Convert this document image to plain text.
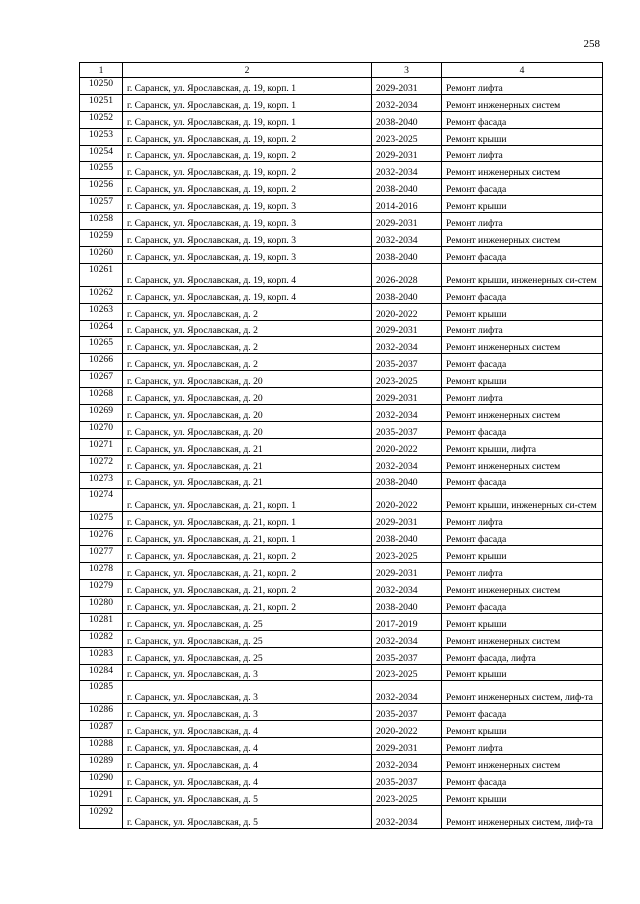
258
1	2	3	4
10250	г. Саранск, ул. Ярославская, д. 19, корп. 1	2029-2031	Ремонт лифта
10251	г. Саранск, ул. Ярославская, д. 19, корп. 1	2032-2034	Ремонт инженерных систем
10252	г. Саранск, ул. Ярославская, д. 19, корп. 1	2038-2040	Ремонт фасада
10253	г. Саранск, ул. Ярославская, д. 19, корп. 2	2023-2025	Ремонт крыши
10254	г. Саранск, ул. Ярославская, д. 19, корп. 2	2029-2031	Ремонт лифта
10255	г. Саранск, ул. Ярославская, д. 19, корп. 2	2032-2034	Ремонт инженерных систем
10256	г. Саранск, ул. Ярославская, д. 19, корп. 2	2038-2040	Ремонт фасада
10257	г. Саранск, ул. Ярославская, д. 19, корп. 3	2014-2016	Ремонт крыши
10258	г. Саранск, ул. Ярославская, д. 19, корп. 3	2029-2031	Ремонт лифта
10259	г. Саранск, ул. Ярославская, д. 19, корп. 3	2032-2034	Ремонт инженерных систем
10260	г. Саранск, ул. Ярославская, д. 19, корп. 3	2038-2040	Ремонт фасада
10261	г. Саранск, ул. Ярославская, д. 19, корп. 4	2026-2028	Ремонт крыши, инженерных си-стем
10262	г. Саранск, ул. Ярославская, д. 19, корп. 4	2038-2040	Ремонт фасада
10263	г. Саранск, ул. Ярославская, д. 2	2020-2022	Ремонт крыши
10264	г. Саранск, ул. Ярославская, д. 2	2029-2031	Ремонт лифта
10265	г. Саранск, ул. Ярославская, д. 2	2032-2034	Ремонт инженерных систем
10266	г. Саранск, ул. Ярославская, д. 2	2035-2037	Ремонт фасада
10267	г. Саранск, ул. Ярославская, д. 20	2023-2025	Ремонт крыши
10268	г. Саранск, ул. Ярославская, д. 20	2029-2031	Ремонт лифта
10269	г. Саранск, ул. Ярославская, д. 20	2032-2034	Ремонт инженерных систем
10270	г. Саранск, ул. Ярославская, д. 20	2035-2037	Ремонт фасада
10271	г. Саранск, ул. Ярославская, д. 21	2020-2022	Ремонт крыши, лифта
10272	г. Саранск, ул. Ярославская, д. 21	2032-2034	Ремонт инженерных систем
10273	г. Саранск, ул. Ярославская, д. 21	2038-2040	Ремонт фасада
10274	г. Саранск, ул. Ярославская, д. 21, корп. 1	2020-2022	Ремонт крыши, инженерных си-стем
10275	г. Саранск, ул. Ярославская, д. 21, корп. 1	2029-2031	Ремонт лифта
10276	г. Саранск, ул. Ярославская, д. 21, корп. 1	2038-2040	Ремонт фасада
10277	г. Саранск, ул. Ярославская, д. 21, корп. 2	2023-2025	Ремонт крыши
10278	г. Саранск, ул. Ярославская, д. 21, корп. 2	2029-2031	Ремонт лифта
10279	г. Саранск, ул. Ярославская, д. 21, корп. 2	2032-2034	Ремонт инженерных систем
10280	г. Саранск, ул. Ярославская, д. 21, корп. 2	2038-2040	Ремонт фасада
10281	г. Саранск, ул. Ярославская, д. 25	2017-2019	Ремонт крыши
10282	г. Саранск, ул. Ярославская, д. 25	2032-2034	Ремонт инженерных систем
10283	г. Саранск, ул. Ярославская, д. 25	2035-2037	Ремонт фасада, лифта
10284	г. Саранск, ул. Ярославская, д. 3	2023-2025	Ремонт крыши
10285	г. Саранск, ул. Ярославская, д. 3	2032-2034	Ремонт инженерных систем, лиф-та
10286	г. Саранск, ул. Ярославская, д. 3	2035-2037	Ремонт фасада
10287	г. Саранск, ул. Ярославская, д. 4	2020-2022	Ремонт крыши
10288	г. Саранск, ул. Ярославская, д. 4	2029-2031	Ремонт лифта
10289	г. Саранск, ул. Ярославская, д. 4	2032-2034	Ремонт инженерных систем
10290	г. Саранск, ул. Ярославская, д. 4	2035-2037	Ремонт фасада
10291	г. Саранск, ул. Ярославская, д. 5	2023-2025	Ремонт крыши
10292	г. Саранск, ул. Ярославская, д. 5	2032-2034	Ремонт инженерных систем, лиф-та
